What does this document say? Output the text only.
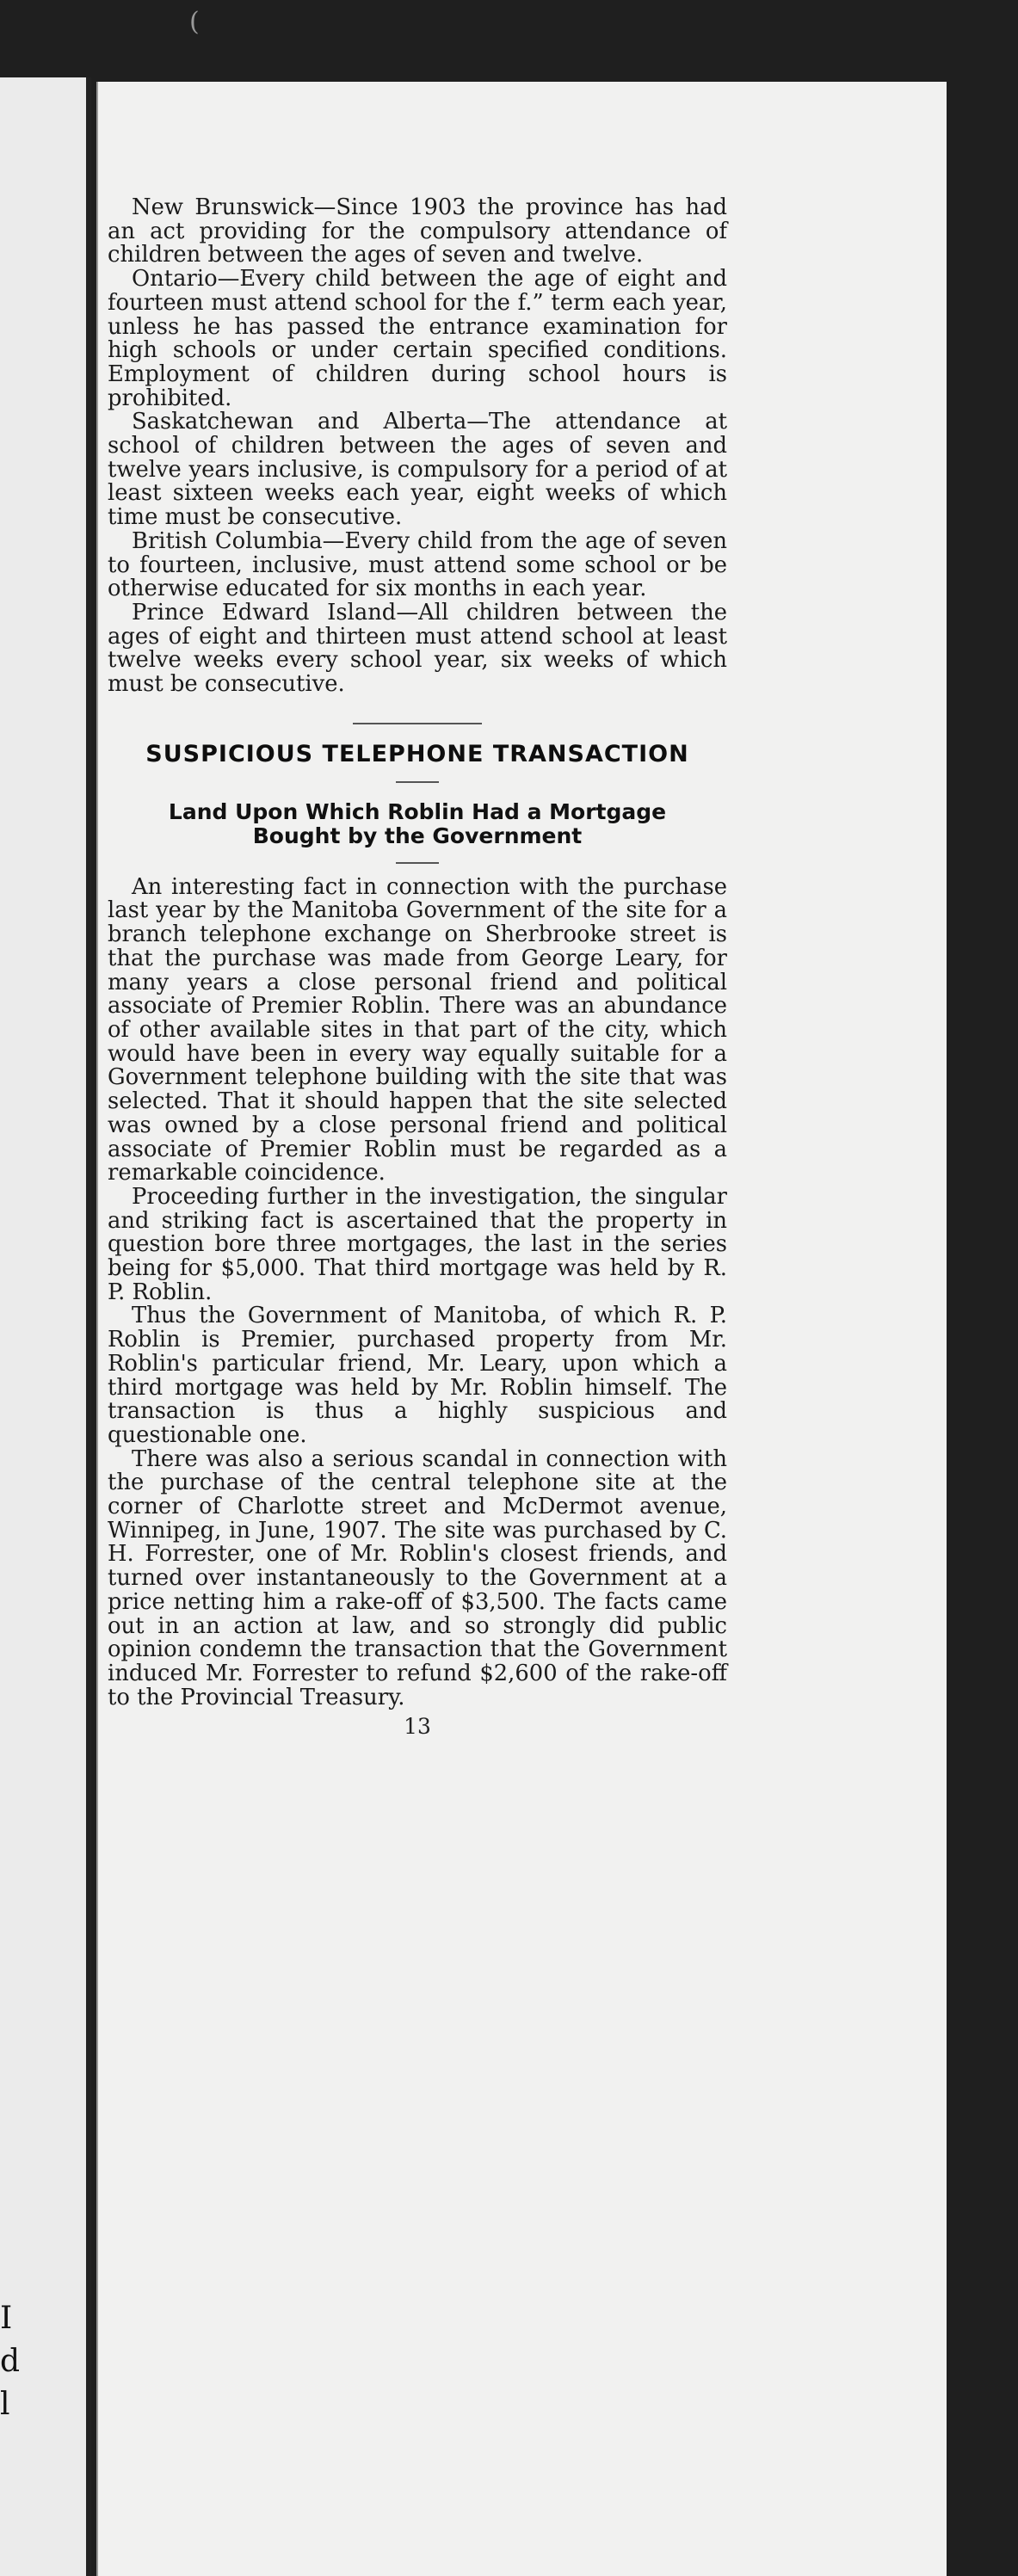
(
I
d
l

New Brunswick—Since 1903 the province has had an act providing for the compulsory attendance of children between the ages of seven and twelve.

Ontario—Every child between the age of eight and fourteen must attend school for the f.” term each year, unless he has passed the entrance examination for high schools or under certain specified conditions. Employment of children during school hours is prohibited.

Saskatchewan and Alberta—The attendance at school of children between the ages of seven and twelve years inclusive, is compulsory for a period of at least sixteen weeks each year, eight weeks of which time must be consecutive.

British Columbia—Every child from the age of seven to fourteen, inclusive, must attend some school or be otherwise educated for six months in each year.

Prince Edward Island—All children between the ages of eight and thirteen must attend school at least twelve weeks every school year, six weeks of which must be consecutive.

SUSPICIOUS TELEPHONE TRANSACTION
Land Upon Which Roblin Had a Mortgage Bought by the Government

An interesting fact in connection with the purchase last year by the Manitoba Government of the site for a branch telephone exchange on Sherbrooke street is that the purchase was made from George Leary, for many years a close personal friend and political associate of Premier Roblin. There was an abundance of other available sites in that part of the city, which would have been in every way equally suitable for a Government telephone building with the site that was selected. That it should happen that the site selected was owned by a close personal friend and political associate of Premier Roblin must be regarded as a remarkable coincidence.

Proceeding further in the investigation, the singular and striking fact is ascertained that the property in question bore three mortgages, the last in the series being for $5,000. That third mortgage was held by R. P. Roblin.

Thus the Government of Manitoba, of which R. P. Roblin is Premier, purchased property from Mr. Roblin's particular friend, Mr. Leary, upon which a third mortgage was held by Mr. Roblin himself. The transaction is thus a highly suspicious and questionable one.

There was also a serious scandal in connection with the purchase of the central telephone site at the corner of Charlotte street and McDermot avenue, Winnipeg, in June, 1907. The site was purchased by C. H. Forrester, one of Mr. Roblin's closest friends, and turned over instantaneously to the Government at a price netting him a rake-off of $3,500. The facts came out in an action at law, and so strongly did public opinion condemn the transaction that the Government induced Mr. Forrester to refund $2,600 of the rake-off to the Provincial Treasury.

13
